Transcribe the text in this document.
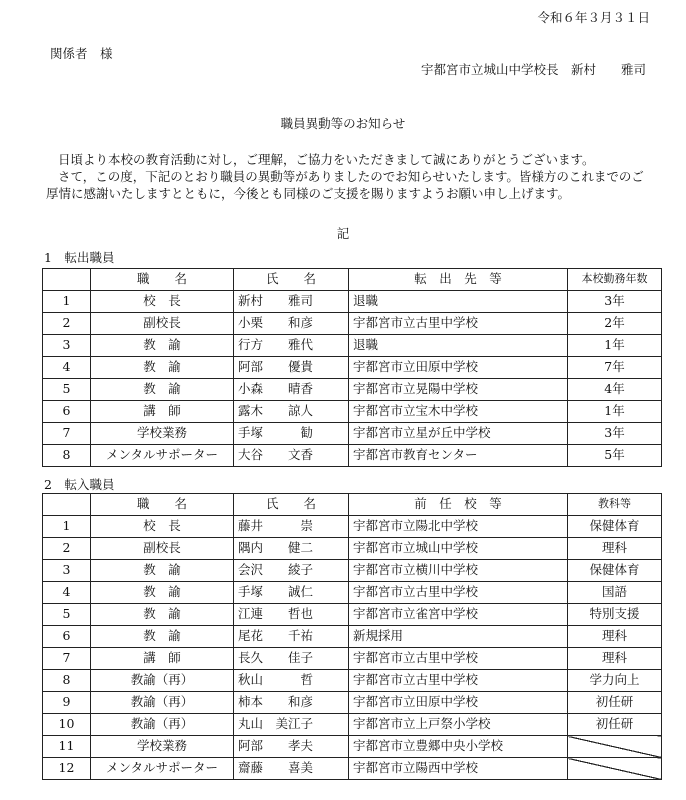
令和６年３月３１日
関係者　様
宇都宮市立城山中学校長　新村　　雅司
職員異動等のお知らせ

日頃より本校の教育活動に対し，ご理解，ご協力をいただきまして誠にありがとうございます。

さて，この度，下記のとおり職員の異動等がありましたのでお知らせいたします。皆様方のこれまでのご厚情に感謝いたしますとともに，今後とも同様のご支援を賜りますようお願い申し上げます。

記
1　転出職員
	職　　名	氏　　名	転　出　先　等	本校勤務年数
1	校　長	新村　　雅司	退職	3年
2	副校長	小栗　　和彦	宇都宮市立古里中学校	2年
3	教　諭	行方　　雅代	退職	1年
4	教　諭	阿部　　優貴	宇都宮市立田原中学校	7年
5	教　諭	小森　　晴香	宇都宮市立晃陽中学校	4年
6	講　師	露木　　諒人	宇都宮市立宝木中学校	1年
7	学校業務	手塚　　　勧	宇都宮市立星が丘中学校	3年
8	メンタルサポーター	大谷　　文香	宇都宮市教育センター	5年
2　転入職員
	職　　名	氏　　名	前　任　校　等	教科等
1	校　長	藤井　　　崇	宇都宮市立陽北中学校	保健体育
2	副校長	隅内　　健二	宇都宮市立城山中学校	理科
3	教　諭	会沢　　綾子	宇都宮市立横川中学校	保健体育
4	教　諭	手塚　　誠仁	宇都宮市立古里中学校	国語
5	教　諭	江連　　哲也	宇都宮市立雀宮中学校	特別支援
6	教　諭	尾花　　千祐	新規採用	理科
7	講　師	長久　　佳子	宇都宮市立古里中学校	理科
8	教諭（再）	秋山　　　哲	宇都宮市立古里中学校	学力向上
9	教諭（再）	柿本　　和彦	宇都宮市立田原中学校	初任研
10	教諭（再）	丸山　美江子	宇都宮市立上戸祭小学校	初任研
11	学校業務	阿部　　孝夫	宇都宮市立豊郷中央小学校	
12	メンタルサポーター	齋藤　　喜美	宇都宮市立陽西中学校	
